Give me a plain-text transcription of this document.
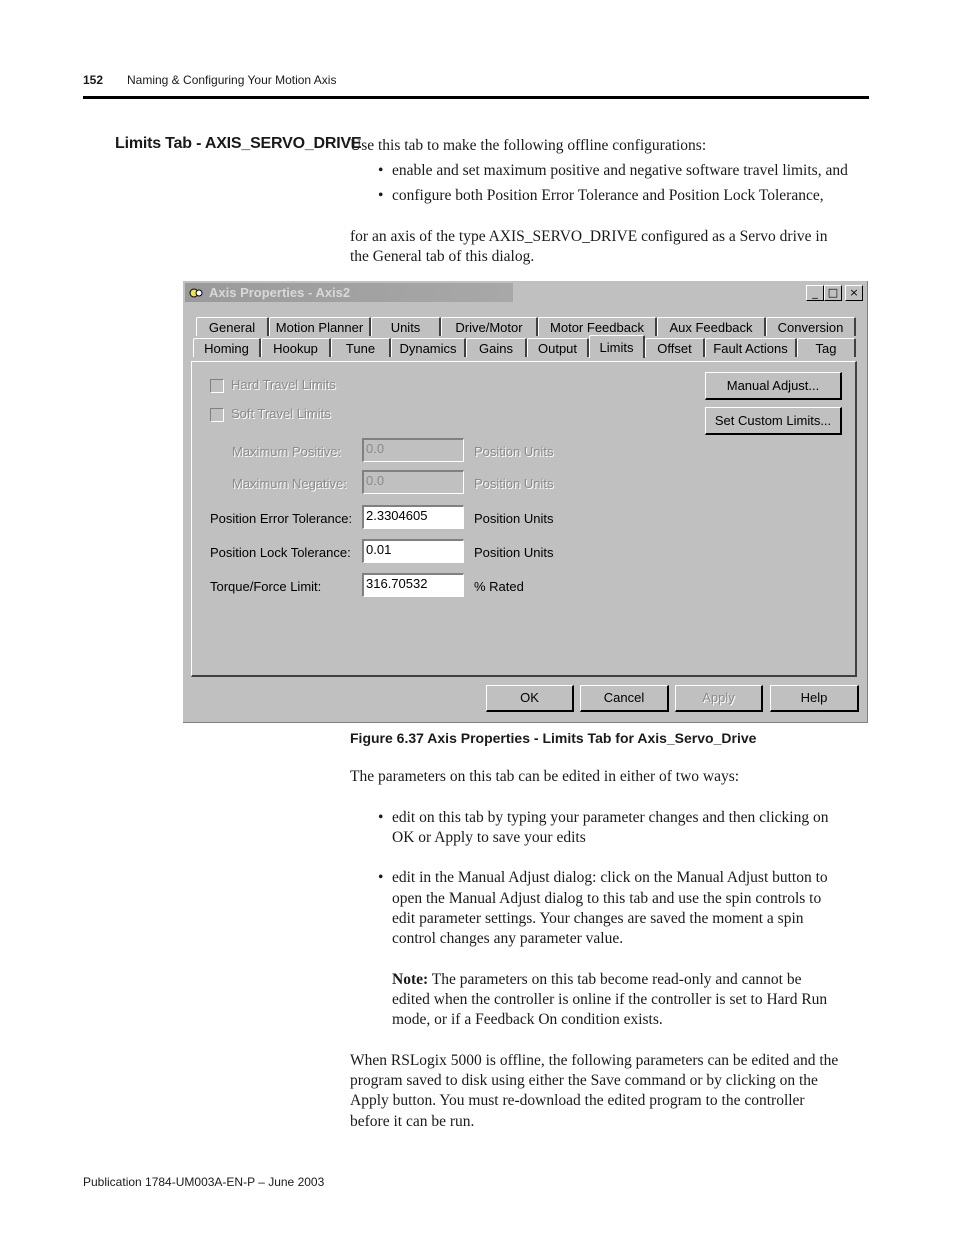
152 Naming & Configuring Your Motion Axis
Limits Tab - AXIS_SERVO_DRIVE
Use this tab to make the following offline configurations:
• enable and set maximum positive and negative software travel limits, and
• configure both Position Error Tolerance and Position Lock Tolerance,
for an axis of the type AXIS_SERVO_DRIVE configured as a Servo drive in
the General tab of this dialog.
Axis Properties - Axis2	_ □	×
General	Motion Planner	Units	Drive/Motor	Motor Feedback	Aux Feedback	Conversion
Homing	Hookup	Tune	Dynamics	Gains	Output	Limits	Offset	Fault Actions	Tag
Hard Travel Limits
Soft Travel Limits
Maximum Positive:	0.0	Position Units
Maximum Negative:	0.0	Position Units
Position Error Tolerance:	2.3304605	Position Units
Position Lock Tolerance:	0.01	Position Units
Torque/Force Limit:	316.70532	% Rated
Manual Adjust...
Set Custom Limits...
OK	Cancel	Apply	Help
Figure 6.37 Axis Properties - Limits Tab for Axis_Servo_Drive
The parameters on this tab can be edited in either of two ways:
• edit on this tab by typing your parameter changes and then clicking on
OK or Apply to save your edits
• edit in the Manual Adjust dialog: click on the Manual Adjust button to
open the Manual Adjust dialog to this tab and use the spin controls to
edit parameter settings. Your changes are saved the moment a spin
control changes any parameter value.
Note: The parameters on this tab become read-only and cannot be
edited when the controller is online if the controller is set to Hard Run
mode, or if a Feedback On condition exists.
When RSLogix 5000 is offline, the following parameters can be edited and the
program saved to disk using either the Save command or by clicking on the
Apply button. You must re-download the edited program to the controller
before it can be run.
Publication 1784-UM003A-EN-P – June 2003
